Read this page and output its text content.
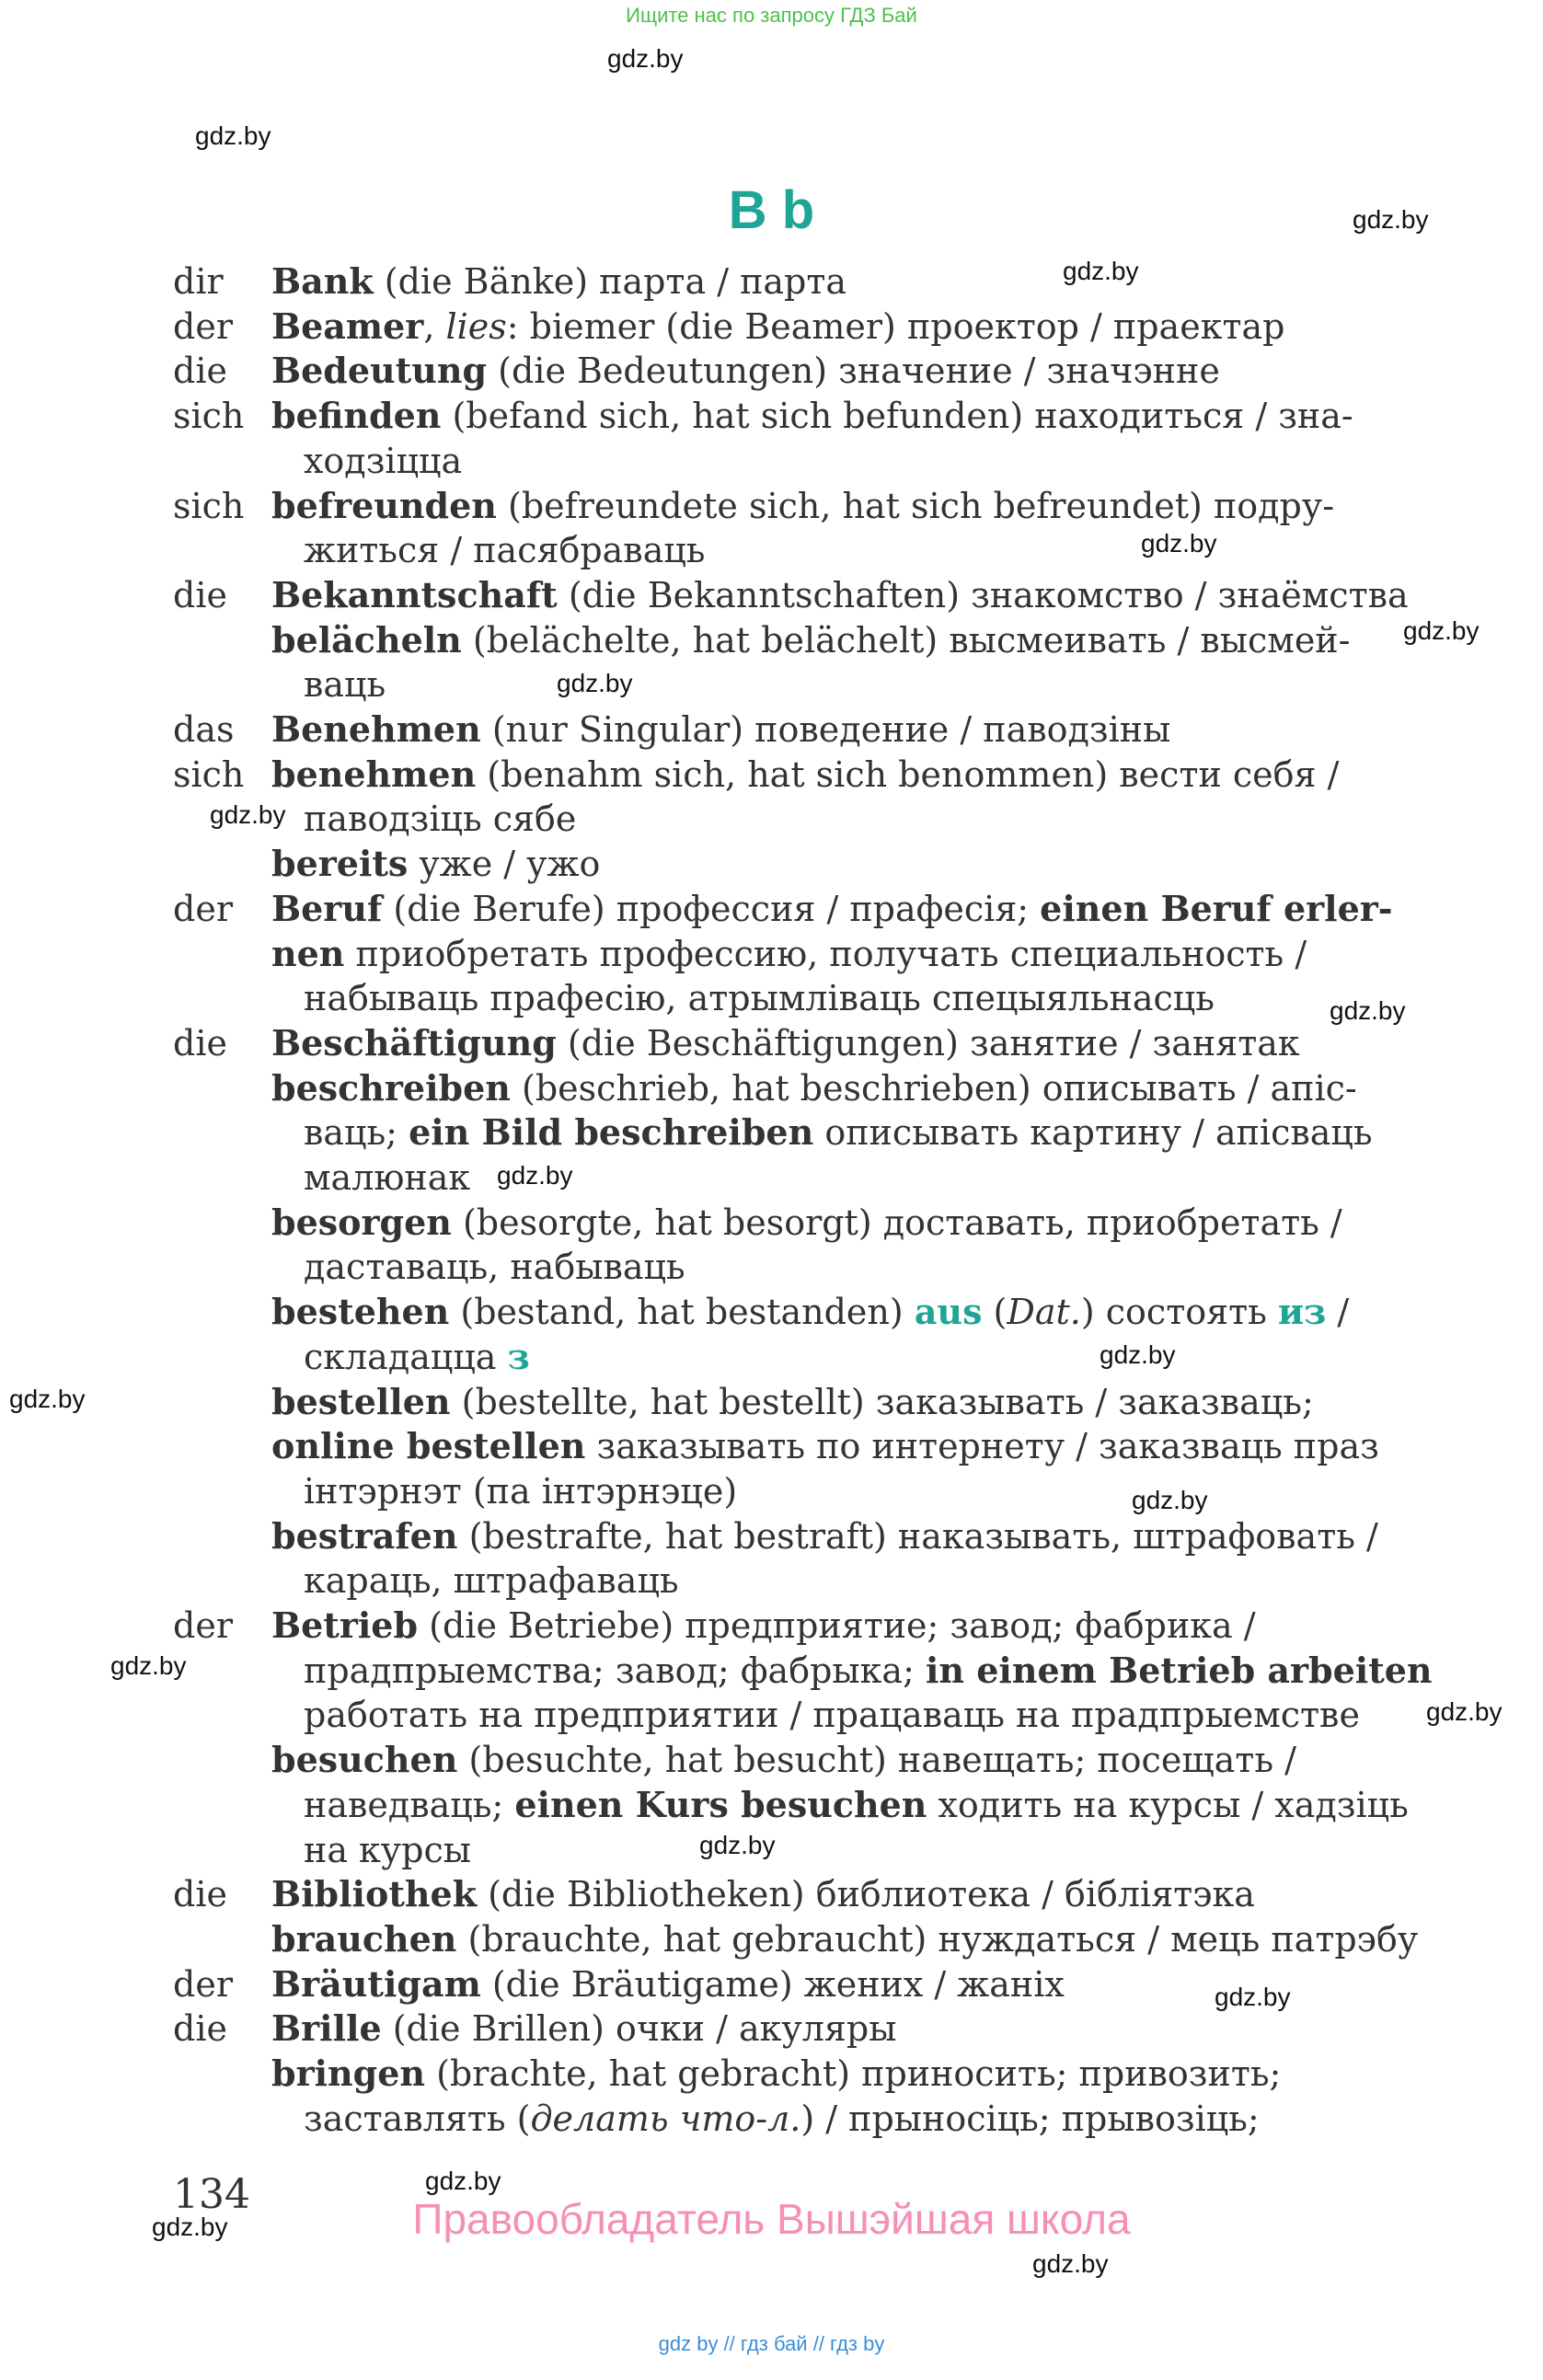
Ищите нас по запросу ГДЗ Бай
gdz.by
gdz.by
gdz.by
gdz.by
gdz.by
gdz.by
gdz.by
gdz.by
gdz.by
gdz.by
gdz.by
gdz.by
gdz.by
gdz.by
gdz.by
gdz.by
gdz.by
gdz.by
gdz.by
gdz.by
B b
dir Bank (die Bänke) парта / парта
der Beamer, lies: biemer (die Beamer) проектор / праектар
die Bedeutung (die Bedeutungen) значение / значэнне
sich befinden (befand sich, hat sich befunden) находиться / зна-
ходзіцца
sich befreunden (befreundete sich, hat sich befreundet) подру-
житься / пасябраваць
die Bekanntschaft (die Bekanntschaften) знакомство / знаёмства
belächeln (belächelte, hat belächelt) высмеивать / высмей-
ваць
das Benehmen (nur Singular) поведение / паводзіны
sich benehmen (benahm sich, hat sich benommen) вести себя /
паводзіць сябе
bereits уже / ужо
der Beruf (die Berufe) профессия / прафесія; einen Beruf erler-
nen приобретать профессию, получать специальность /
набываць прафесію, атрымліваць спецыяльнасць
die Beschäftigung (die Beschäftigungen) занятие / занятак
beschreiben (beschrieb, hat beschrieben) описывать / апіс-
ваць; ein Bild beschreiben описывать картину / апісваць
малюнак
besorgen (besorgte, hat besorgt) доставать, приобретать /
даставаць, набываць
bestehen (bestand, hat bestanden) aus (Dat.) состоять из /
складацца з
bestellen (bestellte, hat bestellt) заказывать / заказваць;
online bestellen заказывать по интернету / заказваць праз
інтэрнэт (па інтэрнэце)
bestrafen (bestrafte, hat bestraft) наказывать, штрафовать /
караць, штрафаваць
der Betrieb (die Betriebe) предприятие; завод; фабрика /
прадпрыемства; завод; фабрыка; in einem Betrieb arbeiten
работать на предприятии / працаваць на прадпрыемстве
besuchen (besuchte, hat besucht) навещать; посещать /
наведваць; einen Kurs besuchen ходить на курсы / хадзіць
на курсы
die Bibliothek (die Bibliotheken) библиотека / бібліятэка
brauchen (brauchte, hat gebraucht) нуждаться / мець патрэбу
der Bräutigam (die Bräutigame) жених / жаніх
die Brille (die Brillen) очки / акуляры
bringen (brachte, hat gebracht) приносить; привозить;
заставлять (делать что-л.) / прыносіць; прывозіць;
134
Правообладатель Вышэйшая школа
gdz by // гдз бай // гдз by
